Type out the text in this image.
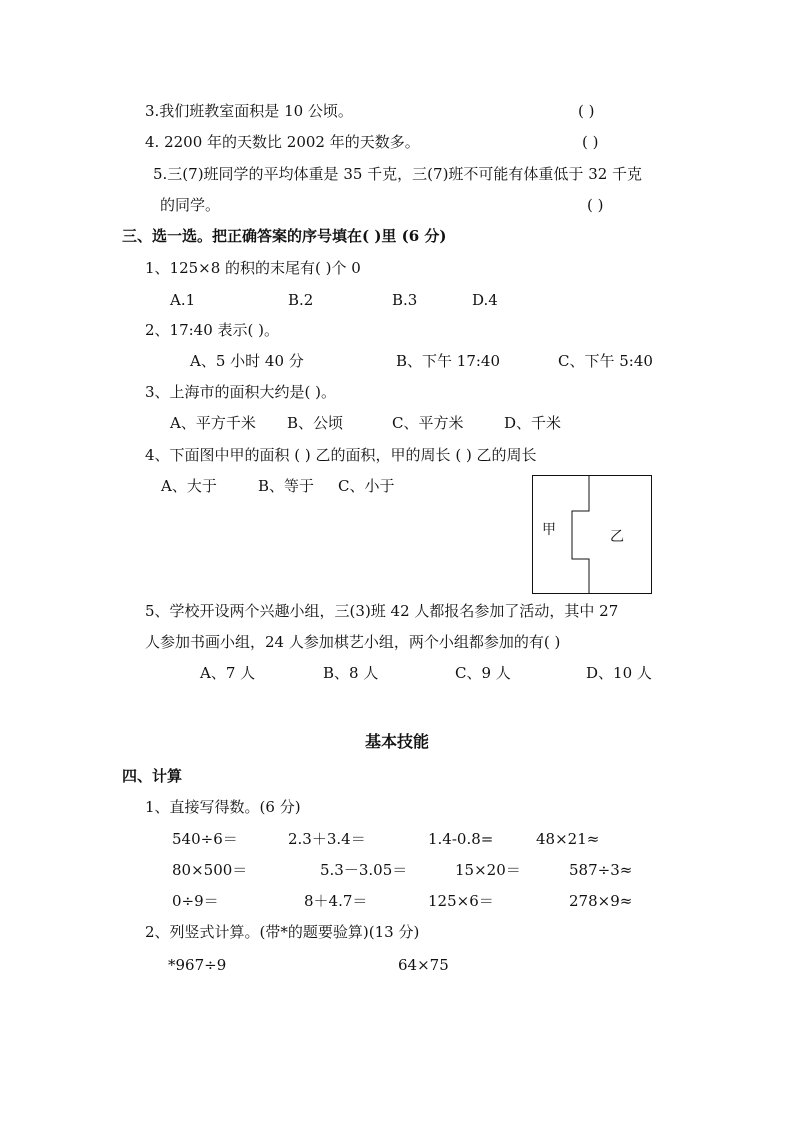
3.我们班教室面积是 10 公顷。	( )
4. 2200 年的天数比 2002 年的天数多。	( )
5.三(7)班同学的平均体重是 35 千克，三(7)班不可能有体重低于 32 千克
的同学。	( )
三、选一选。把正确答案的序号填在( )里 (6 分)
1、125×8 的积的末尾有( )个 0
A.1	B.2	B.3	D.4
2、17:40 表示( )。
A、5 小时 40 分	B、下午 17:40	C、下午 5:40
3、上海市的面积大约是( )。
A、平方千米 B、公顷	C、平方米	D、千米
4、下面图中甲的面积 ( ) 乙的面积，甲的周长 ( ) 乙的周长
A、大于	B、等于 C、小于
甲	乙
5、学校开设两个兴趣小组，三(3)班 42 人都报名参加了活动，其中 27
人参加书画小组，24 人参加棋艺小组，两个小组都参加的有( )
A、7 人	B、8 人	C、9 人	D、10 人
基本技能
四、计算
1、直接写得数。(6 分)
540÷6＝	2.3＋3.4＝	1.4-0.8=	48×21≈
80×500＝	5.3－3.05＝	15×20＝	587÷3≈
0÷9＝	8＋4.7＝	125×6＝	278×9≈
2、列竖式计算。(带*的题要验算)(13 分)
*967÷9	64×75
